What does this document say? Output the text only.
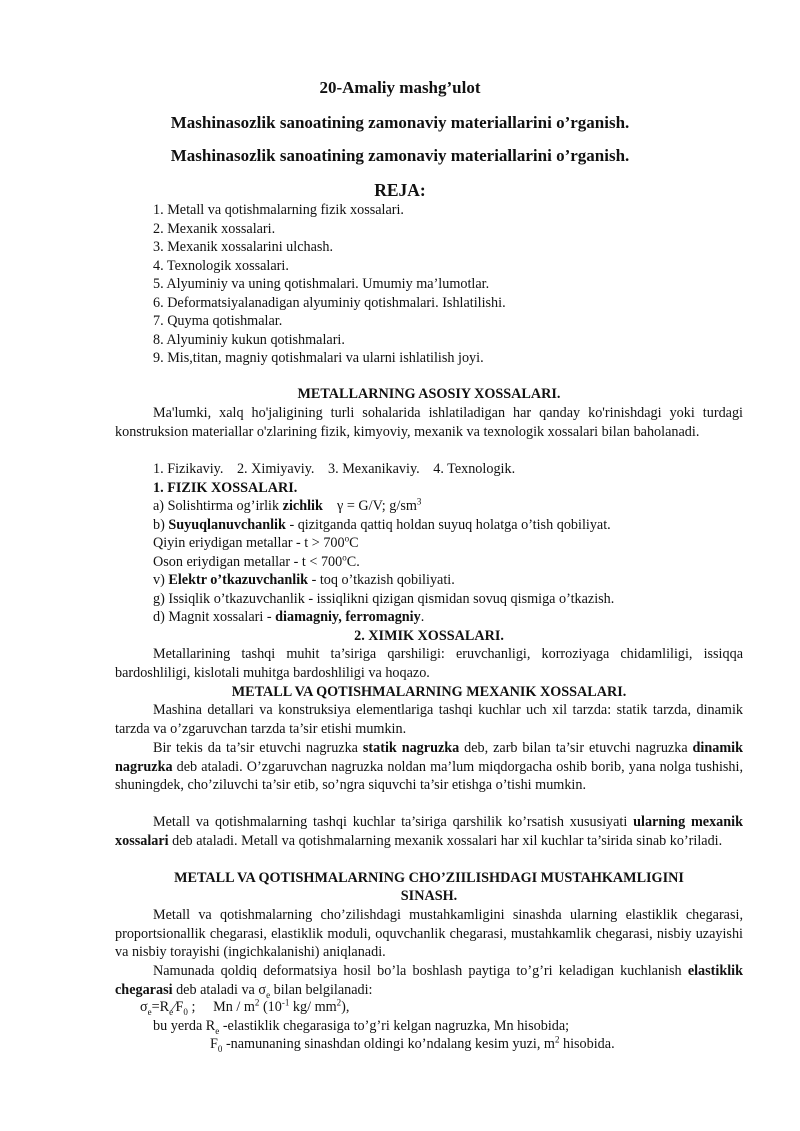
20-Amaliy mashg’ulot
Mashinasozlik sanoatining zamonaviy materiallarini o’rganish.
Mashinasozlik sanoatining zamonaviy materiallarini o’rganish.
REJA:
1. Metall va qotishmalarning fizik xossalari.
2. Mexanik xossalari.
3. Mexanik xossalarini ulchash.
4. Texnologik xossalari.
5. Alyuminiy va uning qotishmalari. Umumiy ma’lumotlar.
6. Deformatsiyalanadigan alyuminiy qotishmalari. Ishlatilishi.
7. Quyma qotishmalar.
8. Alyuminiy kukun qotishmalari.
9. Mis,titan, magniy qotishmalari va ularni ishlatilish joyi.
METALLARNING ASOSIY XOSSALARI.

Ma'lumki, xalq ho'jaligining turli sohalarida ishlatiladigan har qanday ko'rinishdagi yoki turdagi konstruksion materiallar o'zlarining fizik, kimyoviy, mexanik va texnologik xossalari bilan baholanadi.

1. Fizikaviy. 2. Ximiyaviy. 3. Mexanikaviy. 4. Texnologik.
1. FIZIK XOSSALARI.
a) Solishtirma og’irlik zichlik γ = G/V; $g/sm^3$
b) Suyuqlanuvchanlik - qizitganda qattiq holdan suyuq holatga o’tish qobiliyat.
Qiyin eriydigan metallar - $t > 700^oC$
Oson eriydigan metallar - $t < 700^oC$.
v) Elektr o’tkazuvchanlik - toq o’tkazish qobiliyati.
g) Issiqlik o’tkazuvchanlik - issiqlikni qizigan qismidan sovuq qismiga o’tkazish.
d) Magnit xossalari - diamagniy, ferromagniy.
2. XIMIK XOSSALARI.

Metallarining tashqi muhit ta’siriga qarshiligi: eruvchanligi, korroziyaga chidamliligi, issiqqa bardoshliligi, kislotali muhitga bardoshliligi va hoqazo.

METALL VA QOTISHMALARNING MEXANIK XOSSALARI.

Mashina detallari va konstruksiya elementlariga tashqi kuchlar uch xil tarzda: statik tarzda, dinamik tarzda va o’zgaruvchan tarzda ta’sir etishi mumkin.

Bir tekis da ta’sir etuvchi nagruzka statik nagruzka deb, zarb bilan ta’sir etuvchi nagruzka dinamik nagruzka deb ataladi. O’zgaruvchan nagruzka noldan ma’lum miqdorgacha oshib borib, yana nolga tushishi, shuningdek, cho’ziluvchi ta’sir etib, so’ngra siquvchi ta’sir etishga o’tishi mumkin.

Metall va qotishmalarning tashqi kuchlar ta’siriga qarshilik ko’rsatish xususiyati ularning mexanik xossalari deb ataladi. Metall va qotishmalarning mexanik xossalari har xil kuchlar ta’sirida sinab ko’riladi.

METALL VA QOTISHMALARNING CHO’ZIILISHDAGI MUSTAHKAMLIGINI
SINASH.

Metall va qotishmalarning cho’zilishdagi mustahkamligini sinashda ularning elastiklik chegarasi, proportsionallik chegarasi, elastiklik moduli, oquvchanlik chegarasi, mustahkamlik chegarasi, nisbiy uzayishi va nisbiy torayishi (ingichkalanishi) aniqlanadi.

Namunada qoldiq deformatsiya hosil bo’la boshlash paytiga to’g’ri keladigan kuchlanish elastiklik chegarasi deb ataladi va $\sigma_e$ bilan belgilanadi:

$\sigma_e=R_e⁄F_0$ ;     Mn / $m^2$ ($10^{-1}$ kg/ $mm^2$),
bu yerda $R_e$ -elastiklik chegarasiga to’g’ri kelgan nagruzka, Mn hisobida;
$F_0$ -namunaning sinashdan oldingi ko’ndalang kesim yuzi, $m^2$ hisobida.
